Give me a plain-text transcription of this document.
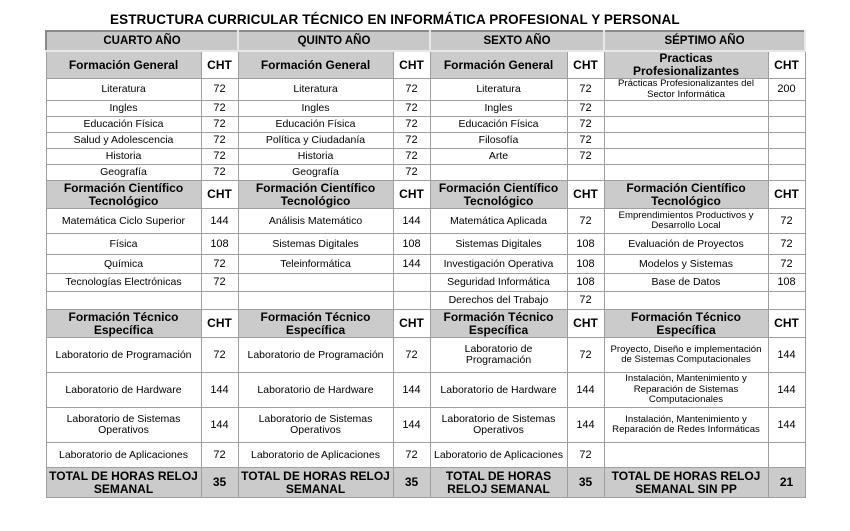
ESTRUCTURA CURRICULAR TÉCNICO EN INFORMÁTICA PROFESIONAL Y PERSONAL
CUARTO AÑO		QUINTO AÑO		SEXTO AÑO		SÉPTIMO AÑO	
Formación General	CHT	Formación General	CHT	Formación General	CHT	Practicas Profesionalizantes	CHT
Literatura	72	Literatura	72	Literatura	72	Prácticas Profesionalizantes del Sector Informática	200
Ingles	72	Ingles	72	Ingles	72		
Educación Física	72	Educación Física	72	Educación Física	72		
Salud y Adolescencia	72	Política y Ciudadanía	72	Filosofía	72		
Historia	72	Historia	72	Arte	72		
Geografía	72	Geografía	72				
Formación Científico Tecnológico	CHT	Formación Científico Tecnológico	CHT	Formación Científico Tecnológico	CHT	Formación Científico Tecnológico	CHT
Matemática Ciclo Superior	144	Análisis Matemático	144	Matemática Aplicada	72	Emprendimientos Productivos y Desarrollo Local	72
Física	108	Sistemas Digitales	108	Sistemas Digitales	108	Evaluación de Proyectos	72
Química	72	Teleinformática	144	Investigación Operativa	108	Modelos y Sistemas	72
Tecnologías Electrónicas	72			Seguridad Informática	108	Base de Datos	108
				Derechos del Trabajo	72		
Formación Técnico Específica	CHT	Formación Técnico Específica	CHT	Formación Técnico Específica	CHT	Formación Técnico Específica	CHT
Laboratorio de Programación	72	Laboratorio de Programación	72	Laboratorio de Programación	72	Proyecto, Diseño e implementación de Sistemas Computacionales	144
Laboratorio de Hardware	144	Laboratorio de Hardware	144	Laboratorio de Hardware	144	Instalación, Mantenimiento y Reparación de Sistemas Computacionales	144
Laboratorio de Sistemas Operativos	144	Laboratorio de Sistemas Operativos	144	Laboratorio de Sistemas Operativos	144	Instalación, Mantenimiento y Reparación de Redes Informáticas	144
Laboratorio de Aplicaciones	72	Laboratorio de Aplicaciones	72	Laboratorio de Aplicaciones	72		
TOTAL DE HORAS RELOJ SEMANAL	35	TOTAL DE HORAS RELOJ SEMANAL	35	TOTAL DE HORAS RELOJ SEMANAL	35	TOTAL DE HORAS RELOJ SEMANAL SIN PP	21
